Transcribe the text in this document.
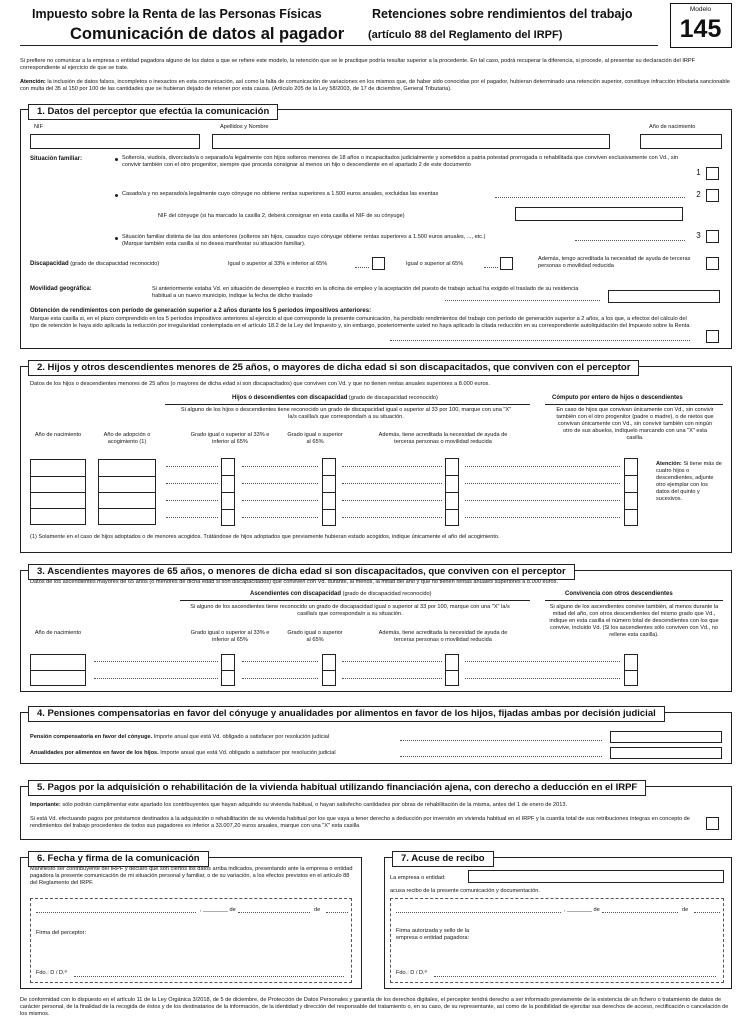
Impuesto sobre la Renta de las Personas Físicas	Retenciones sobre rendimientos del trabajo
Comunicación de datos al pagador (artículo 88 del Reglamento del IRPF)
Modelo
145
Si prefiere no comunicar a la empresa o entidad pagadora alguno de los datos a que se refiere este modelo, la retención que se le practique podría resultar superior a la procedente. En tal caso, podrá recuperar la diferencia, si procede, al presentar su declaración del IRPF correspondiente al ejercicio de que se trate.
Atención: la inclusión de datos falsos, incompletos o inexactos en esta comunicación, así como la falta de comunicación de variaciones en los mismos que, de haber sido conocidas por el pagador, hubieran determinado una retención superior, constituye infracción tributaria sancionable con multa del 35 al 150 por 100 de las cantidades que se hubieran dejado de retener por esta causa. (Artículo 205 de la Ley 58/2003, de 17 de diciembre, General Tributaria).
1. Datos del perceptor que efectúa la comunicación
NIF	Apellidos y Nombre	Año de nacimiento
Situación familiar:	Soltero/a, viudo/a, divorciado/a o separado/a legalmente con hijos solteros menores de 18 años o incapacitados judicialmente y sometidos a patria potestad prorrogada o rehabilitada que conviven exclusivamente con Vd., sin convivir también con el otro progenitor, siempre que proceda consignar al menos un hijo o descendiente en el apartado 2 de este documento
1
Casado/a y no separado/a legalmente cuyo cónyuge no obtiene rentas superiores a 1.500 euros anuales, excluidas las exentas	2
NIF del cónyuge (si ha marcado la casilla 2, deberá consignar en esta casilla el NIF de su cónyuge)
Situación familiar distinta de las dos anteriores (solteros sin hijos, casados cuyo cónyuge obtiene rentas superiores a 1.500 euros anuales, ..., etc.)
(Marque también esta casilla si no desea manifestar su situación familiar).
3
Discapacidad (grado de discapacidad reconocido)	Igual o superior al 33% e inferior al 65%	Igual o superior al 65%
Además, tengo acreditada la necesidad de ayuda de terceras personas o movilidad reducida
Movilidad geográfica:	Si anteriormente estaba Vd. en situación de desempleo e inscrito en la oficina de empleo y la aceptación del puesto de trabajo actual ha exigido el traslado de su residencia habitual a un nuevo municipio, indique la fecha de dicho traslado
Obtención de rendimientos con período de generación superior a 2 años durante los 5 períodos impositivos anteriores:
Marque esta casilla si, en el plazo comprendido en los 5 períodos impositivos anteriores al ejercicio al que corresponde la presente comunicación, ha percibido rendimientos del trabajo con período de generación superior a 2 años, a los que, a efectos del cálculo del tipo de retención le haya sido aplicada la reducción por irregularidad contemplada en el artículo 18.2 de la Ley del Impuesto y, sin embargo, posteriormente usted no haya aplicado la citada reducción en su correspondiente autoliquidación del Impuesto sobre la Renta
2. Hijos y otros descendientes menores de 25 años, o mayores de dicha edad si son discapacitados, que conviven con el perceptor
Datos de los hijos o descendientes menores de 25 años (o mayores de dicha edad si son discapacitados) que conviven con Vd. y que no tienen rentas anuales superiores a 8.000 euros.
Hijos o descendientes con discapacidad (grado de discapacidad reconocido)
Si alguno de los hijos o descendientes tiene reconocido un grado de discapacidad igual o superior al 33 por 100, marque con una "X" la/s casilla/s que corresponda/n a su situación.
Cómputo por entero de hijos o descendientes
En caso de hijos que convivan únicamente con Vd., sin convivir también con el otro progenitor (padre o madre), o de nietos que convivan únicamente con Vd., sin convivir también con ningún otro de sus abuelos, indíquelo marcando con una "X" esta casilla.
Año de nacimiento	Año de adopción o acogimiento (1)
Grado igual o superior al 33% e inferior al 65%
Grado igual o superior al 65%
Además, tiene acreditada la necesidad de ayuda de terceras personas o movilidad reducida
Atención: Si tiene más de cuatro hijos o descendientes, adjunte otro ejemplar con los datos del quinto y sucesivos.
(1) Solamente en el caso de hijos adoptados o de menores acogidos. Trátándose de hijos adoptados que previamente hubieran estado acogidos, indique únicamente el año del acogimiento.
3. Ascendientes mayores de 65 años, o menores de dicha edad si son discapacitados, que conviven con el perceptor
Datos de los ascendientes mayores de 65 años (o menores de dicha edad si son discapacitados) que conviven con Vd. durante, al menos, la mitad del año y que no tienen rentas anuales superiores a 8.000 euros.
Ascendientes con discapacidad (grado de discapacidad reconocido)
Si alguno de los ascendientes tiene reconocido un grado de discapacidad igual o superior al 33 por 100, marque con una "X" la/s casilla/s que corresponda/n a su situación.
Convivencia con otros descendientes
Si alguno de los ascendientes convive también, al menos durante la mitad del año, con otros descendientes del mismo grado que Vd., indique en esta casilla el número total de descendientes con los que convive, incluido Vd. (Si los ascendientes sólo conviven con Vd., no rellene esta casilla).
Año de nacimiento	Grado igual o superior al 33% e inferior al 65%
Grado igual o superior al 65%
Además, tiene acreditada la necesidad de ayuda de terceras personas o movilidad reducida
4. Pensiones compensatorias en favor del cónyuge y anualidades por alimentos en favor de los hijos, fijadas ambas por decisión judicial
Pensión compensatoria en favor del cónyuge. Importe anual que está Vd. obligado a satisfacer por resolución judicial
Anualidades por alimentos en favor de los hijos. Importe anual que está Vd. obligado a satisfacer por resolución judicial
5. Pagos por la adquisición o rehabilitación de la vivienda habitual utilizando financiación ajena, con derecho a deducción en el IRPF
Importante: sólo podrán cumplimentar este apartado los contribuyentes que hayan adquirido su vivienda habitual, o hayan satisfecho cantidades por obras de rehabilitación de la misma, antes del 1 de enero de 2013.
Si está Vd. efectuando pagos por préstamos destinados a la adquisición o rehabilitación de su vivienda habitual por los que vaya a tener derecho a deducción por inversión en vivienda habitual en el IRPF y la cuantía total de sus retribuciones íntegras en concepto de rendimientos del trabajo procedentes de todos sus pagadores es inferior a 33.007,20 euros anuales, marque con una "X" esta casilla
6. Fecha y firma de la comunicación
Manifiesto ser contribuyente del IRPF y declaro que son ciertos los datos arriba indicados, presentando ante la empresa o entidad pagadora la presente comunicación de mi situación personal y familiar, o de su variación, a los efectos previstos en el artículo 88 del Reglamento del IRPF.
, ________ de	de
Firma del perceptor:
Fdo.: D / D.ª
7. Acuse de recibo
La empresa o entidad:
acusa recibo de la presente comunicación y documentación.
, ________ de	de
Firma autorizada y sello de la empresa o entidad pagadora:
Fdo.: D / D.ª
De conformidad con lo dispuesto en el artículo 11 de la Ley Orgánica 3/2018, de 5 de diciembre, de Protección de Datos Personales y garantía de los derechos digitales, el perceptor tendrá derecho a ser informado previamente de la existencia de un fichero o tratamiento de datos de carácter personal, de la finalidad de la recogida de éstos y de los destinatarios de la información, de la identidad y dirección del responsable del tratamiento o, en su caso, de su representante, así como de la posibilidad de ejercitar sus derechos de acceso, rectificación o cancelación de los mismos.
